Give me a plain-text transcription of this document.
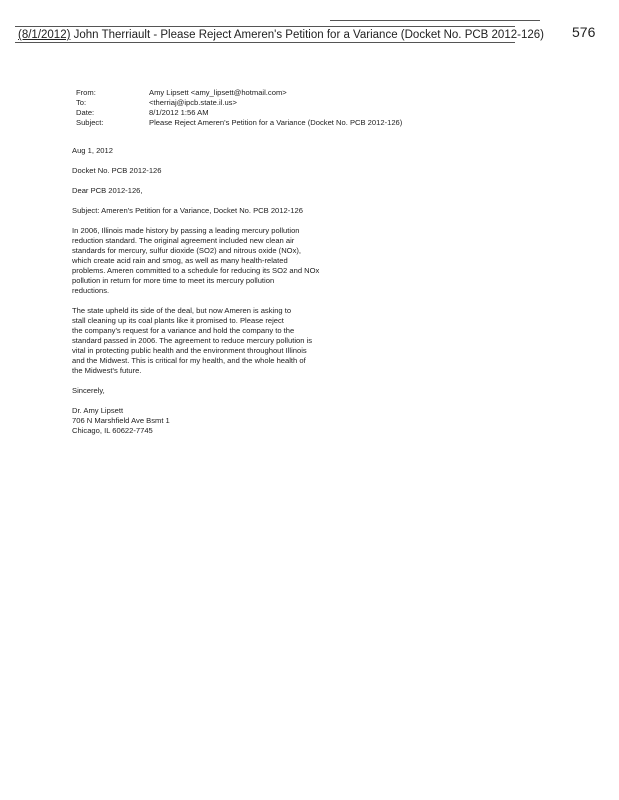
(8/1/2012) John Therriault - Please Reject Ameren's Petition for a Variance (Docket No. PCB 2012-126) 576
From:	Amy Lipsett <amy_lipsett@hotmail.com>
To:	<therriaj@ipcb.state.il.us>
Date:	8/1/2012 1:56 AM
Subject:	Please Reject Ameren's Petition for a Variance (Docket No. PCB 2012-126)

Aug 1, 2012

Docket No. PCB 2012-126

Dear PCB 2012-126,

Subject: Ameren's Petition for a Variance, Docket No. PCB 2012-126

In 2006, Illinois made history by passing a leading mercury pollution
reduction standard. The original agreement included new clean air
standards for mercury, sulfur dioxide (SO2) and nitrous oxide (NOx),
which create acid rain and smog, as well as many health-related
problems. Ameren committed to a schedule for reducing its SO2 and NOx
pollution in return for more time to meet its mercury pollution
reductions.

The state upheld its side of the deal, but now Ameren is asking to
stall cleaning up its coal plants like it promised to. Please reject
the company's request for a variance and hold the company to the
standard passed in 2006. The agreement to reduce mercury pollution is
vital in protecting public health and the environment throughout Illinois
and the Midwest. This is critical for my health, and the whole health of
the Midwest's future.

Sincerely,

Dr. Amy Lipsett
706 N Marshfield Ave Bsmt 1
Chicago, IL 60622-7745
